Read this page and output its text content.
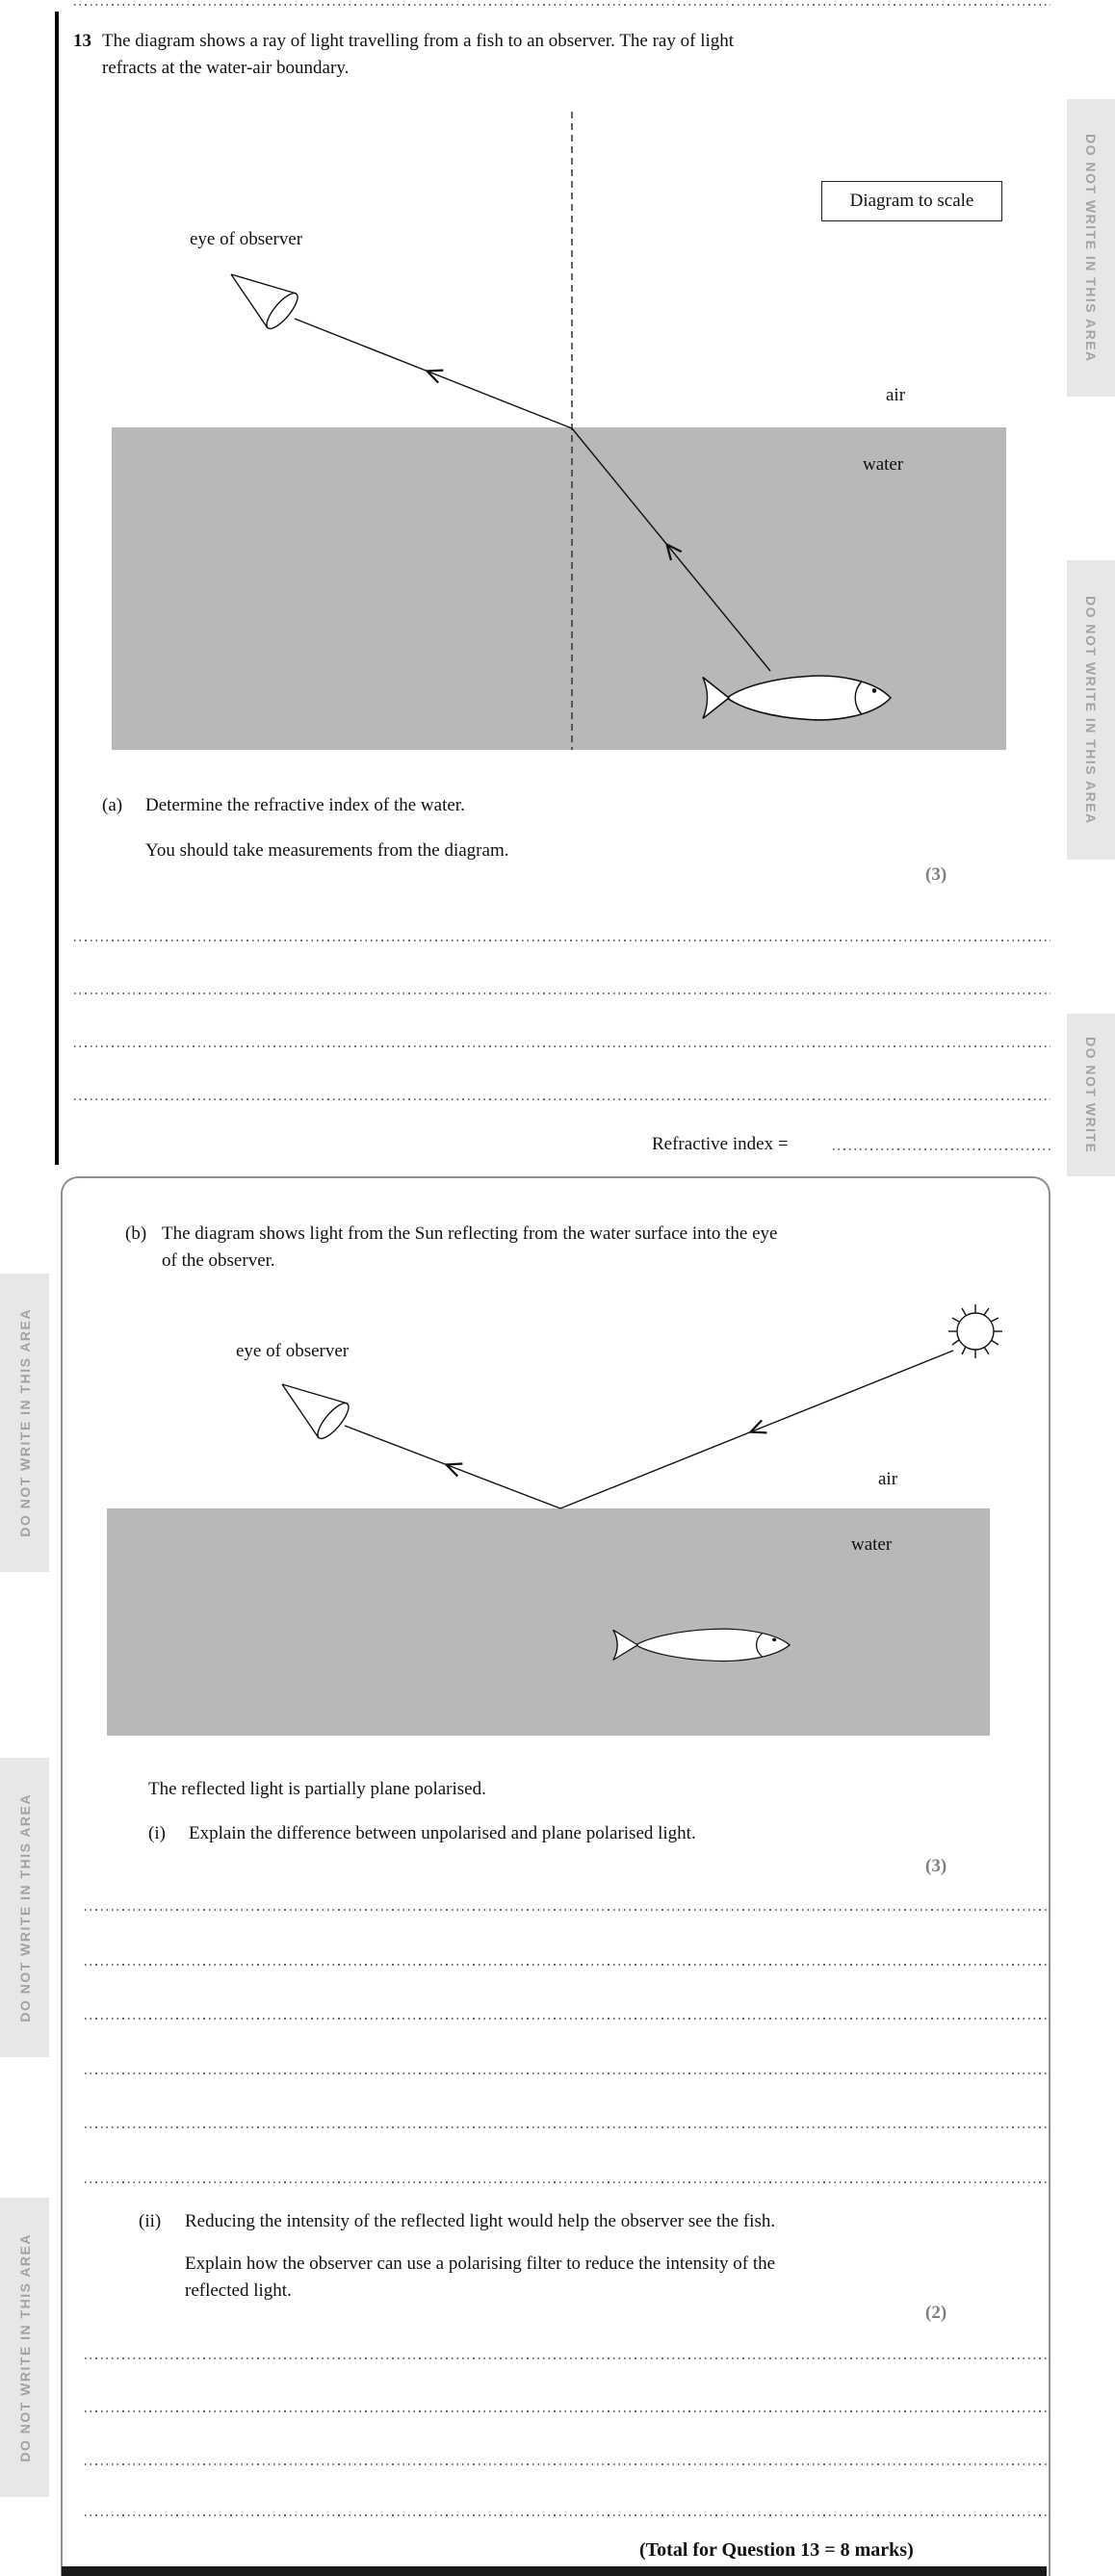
DO NOT WRITE IN THIS AREA
DO NOT WRITE IN THIS AREA
DO NOT WRITE
DO NOT WRITE IN THIS AREA
DO NOT WRITE IN THIS AREA
DO NOT WRITE IN THIS AREA
13 The diagram shows a ray of light travelling from a fish to an observer. The ray of light
refracts at the water-air boundary.
Diagram to scale
eye of observer
air
water
(a) Determine the refractive index of the water.
You should take measurements from the diagram.
(3)
Refractive index =
(b) The diagram shows light from the Sun reflecting from the water surface into the eye
of the observer.
eye of observer
air
water
The reflected light is partially plane polarised.
(i) Explain the difference between unpolarised and plane polarised light.
(3)
(ii) Reducing the intensity of the reflected light would help the observer see the fish.
Explain how the observer can use a polarising filter to reduce the intensity of the
reflected light.
(2)
(Total for Question 13 = 8 marks)
